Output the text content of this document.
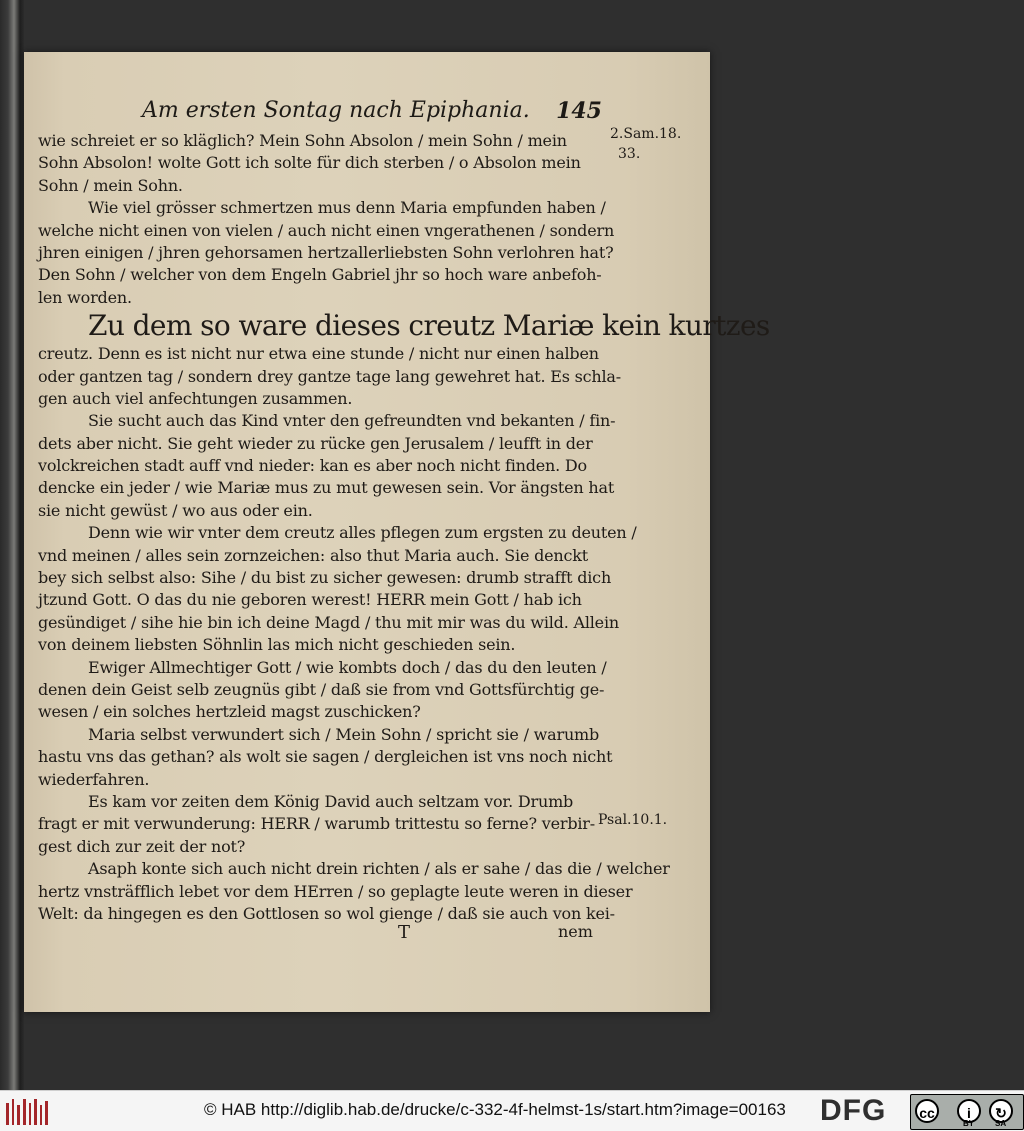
Am ersten Sontag nach Epiphania. 145
wie schreiet er so kläglich? Mein Sohn Absolon / mein Sohn / mein
Sohn Absolon! wolte Gott ich solte für dich sterben / o Absolon mein
Sohn / mein Sohn.
Wie viel grösser schmertzen mus denn Maria empfunden haben /
welche nicht einen von vielen / auch nicht einen vngerathenen / sondern
jhren einigen / jhren gehorsamen hertzallerliebsten Sohn verlohren hat?
Den Sohn / welcher von dem Engeln Gabriel jhr so hoch ware anbefoh-
len worden.
Zu dem so ware dieses creutz Mariæ kein kurtzes
creutz. Denn es ist nicht nur etwa eine stunde / nicht nur einen halben
oder gantzen tag / sondern drey gantze tage lang gewehret hat. Es schla-
gen auch viel anfechtungen zusammen.
Sie sucht auch das Kind vnter den gefreundten vnd bekanten / fin-
dets aber nicht. Sie geht wieder zu rücke gen Jerusalem / leufft in der
volckreichen stadt auff vnd nieder: kan es aber noch nicht finden. Do
dencke ein jeder / wie Mariæ mus zu mut gewesen sein. Vor ängsten hat
sie nicht gewüst / wo aus oder ein.
Denn wie wir vnter dem creutz alles pflegen zum ergsten zu deuten /
vnd meinen / alles sein zornzeichen: also thut Maria auch. Sie denckt
bey sich selbst also: Sihe / du bist zu sicher gewesen: drumb strafft dich
jtzund Gott. O das du nie geboren werest! HERR mein Gott / hab ich
gesündiget / sihe hie bin ich deine Magd / thu mit mir was du wild. Allein
von deinem liebsten Söhnlin las mich nicht geschieden sein.
Ewiger Allmechtiger Gott / wie kombts doch / das du den leuten /
denen dein Geist selb zeugnüs gibt / daß sie from vnd Gottsfürchtig ge-
wesen / ein solches hertzleid magst zuschicken?
Maria selbst verwundert sich / Mein Sohn / spricht sie / warumb
hastu vns das gethan? als wolt sie sagen / dergleichen ist vns noch nicht
wiederfahren.
Es kam vor zeiten dem König David auch seltzam vor. Drumb
fragt er mit verwunderung: HERR / warumb trittestu so ferne? verbir-
gest dich zur zeit der not?
Asaph konte sich auch nicht drein richten / als er sahe / das die / welcher
hertz vnsträfflich lebet vor dem HErren / so geplagte leute weren in dieser
Welt: da hingegen es den Gottlosen so wol gienge / daß sie auch von kei-
2.Sam.18.
33.
Psal.10.1.
T	nem
© HAB http://diglib.hab.de/drucke/c-332-4f-helmst-1s/start.htm?image=00163 DFG	cc	i	↻
BY	SA
